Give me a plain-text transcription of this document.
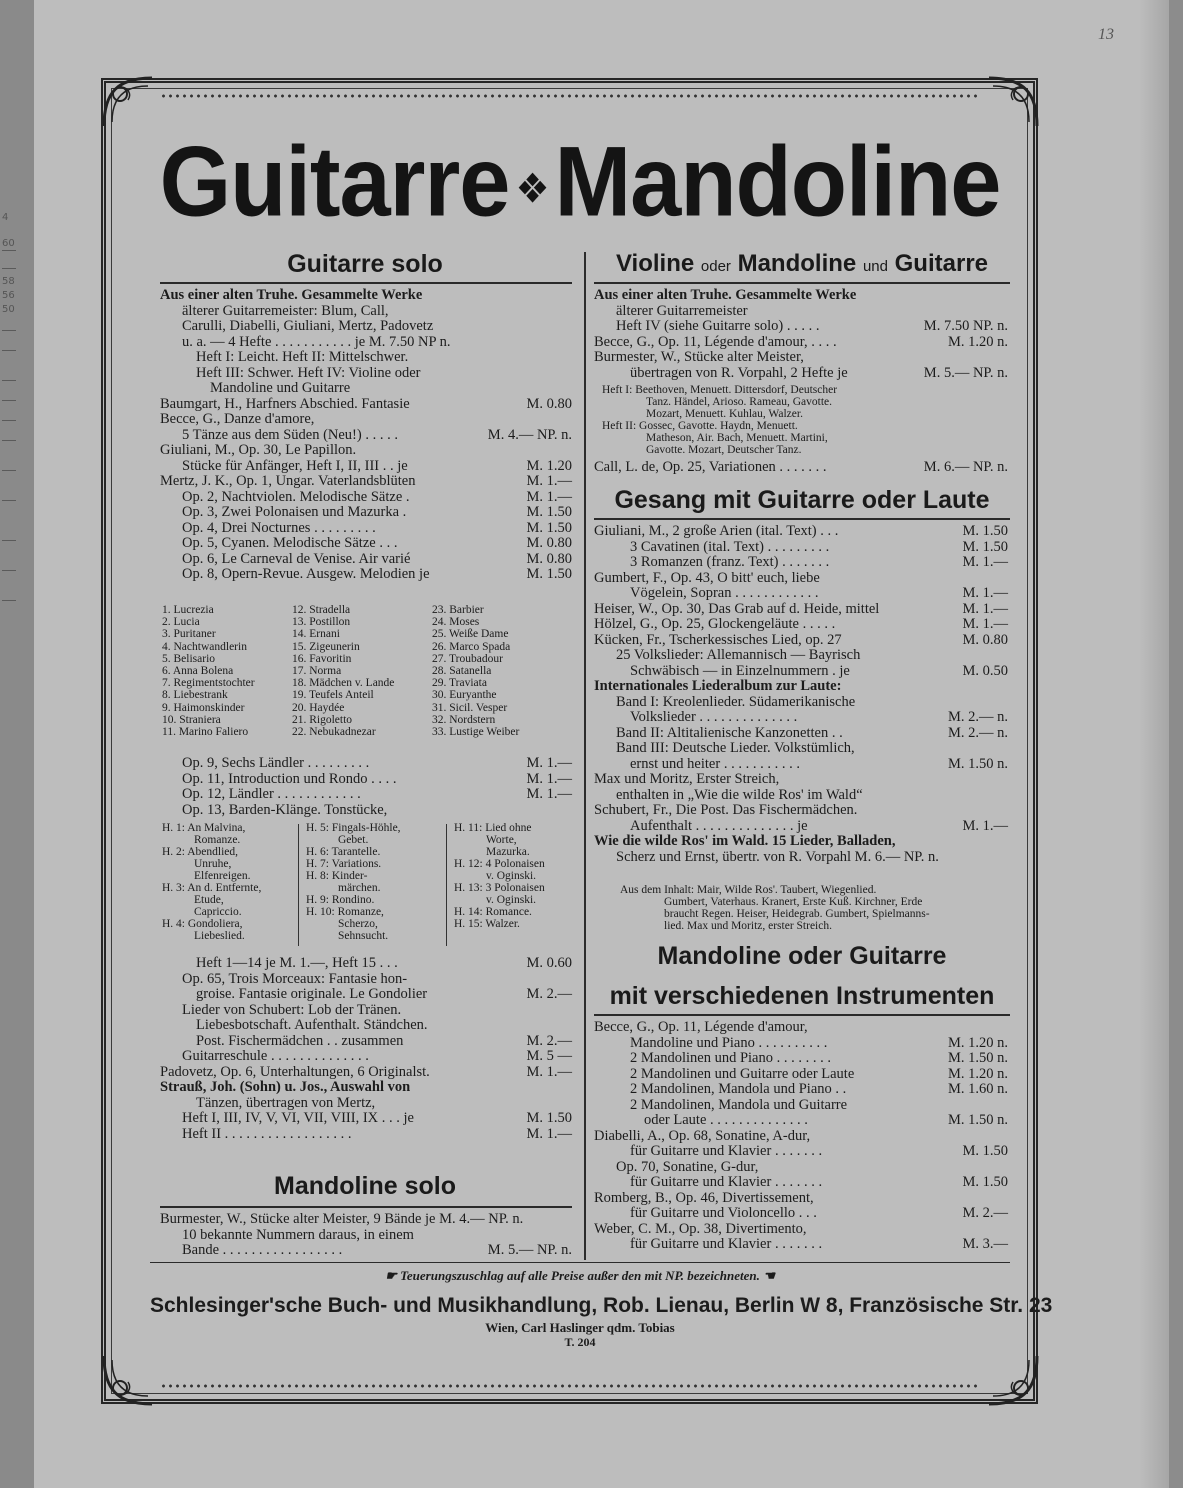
4
60
58
56
50
13
Guitarre ❖Mandoline
Guitarre solo
Aus einer alten Truhe. Gesammelte Werke
älterer Guitarremeister: Blum, Call,
Carulli, Diabelli, Giuliani, Mertz, Padovetz
u. a. — 4 Hefte . . . . . . . . . . . je M. 7.50 NP n.
Heft I: Leicht. Heft II: Mittelschwer.
Heft III: Schwer. Heft IV: Violine oder
Mandoline und Guitarre
Baumgart, H., Harfners Abschied. Fantasie	M. 0.80
Becce, G., Danze d'amore,
5 Tänze aus dem Süden (Neu!) . . . . .	M. 4.— NP. n.
Giuliani, M., Op. 30, Le Papillon.
Stücke für Anfänger, Heft I, II, III . . je	M. 1.20
Mertz, J. K., Op. 1, Ungar. Vaterlandsblüten	M. 1.—
Op. 2, Nachtviolen. Melodische Sätze .	M. 1.—
Op. 3, Zwei Polonaisen und Mazurka .	M. 1.50
Op. 4, Drei Nocturnes . . . . . . . . .	M. 1.50
Op. 5, Cyanen. Melodische Sätze . . .	M. 0.80
Op. 6, Le Carneval de Venise. Air varié	M. 0.80
Op. 8, Opern-Revue. Ausgew. Melodien je	M. 1.50
1. Lucrezia	12. Stradella	23. Barbier
2. Lucia	13. Postillon	24. Moses
3. Puritaner	14. Ernani	25. Weiße Dame
4. Nachtwandlerin	15. Zigeunerin	26. Marco Spada
5. Belisario	16. Favoritin	27. Troubadour
6. Anna Bolena	17. Norma	28. Satanella
7. Regimentstochter	18. Mädchen v. Lande	29. Traviata
8. Liebestrank	19. Teufels Anteil	30. Euryanthe
9. Haimonskinder	20. Haydée	31. Sicil. Vesper
10. Straniera	21. Rigoletto	32. Nordstern
11. Marino Faliero	22. Nebukadnezar	33. Lustige Weiber
Op. 9, Sechs Ländler . . . . . . . . .	M. 1.—
Op. 11, Introduction und Rondo . . . .	M. 1.—
Op. 12, Ländler . . . . . . . . . . . .	M. 1.—
Op. 13, Barden-Klänge. Tonstücke,
H. 1: An Malvina,
Romanze.
H. 2: Abendlied,
Unruhe,
Elfenreigen.
H. 3: An d. Entfernte,
Etude,
Capriccio.
H. 4: Gondoliera,
Liebeslied.
H. 5: Fingals-Höhle,
Gebet.
H. 6: Tarantelle.
H. 7: Variations.
H. 8: Kinder-
märchen.
H. 9: Rondino.
H. 10: Romanze,
Scherzo,
Sehnsucht.
H. 11: Lied ohne
Worte,
Mazurka.
H. 12: 4 Polonaisen
v. Oginski.
H. 13: 3 Polonaisen
v. Oginski.
H. 14: Romance.
H. 15: Walzer.
Heft 1—14 je M. 1.—, Heft 15 . . .	M. 0.60
Op. 65, Trois Morceaux: Fantasie hon-
groise. Fantasie originale. Le Gondolier	M. 2.—
Lieder von Schubert: Lob der Tränen.
Liebesbotschaft. Aufenthalt. Ständchen.
Post. Fischermädchen . . zusammen	M. 2.—
Guitarreschule . . . . . . . . . . . . . .	M. 5 —
Padovetz, Op. 6, Unterhaltungen, 6 Originalst.	M. 1.—
Strauß, Joh. (Sohn) u. Jos., Auswahl von
Tänzen, übertragen von Mertz,
Heft I, III, IV, V, VI, VII, VIII, IX . . . je	M. 1.50
Heft II . . . . . . . . . . . . . . . . . .	M. 1.—
Mandoline solo
Burmester, W., Stücke alter Meister, 9 Bände je M. 4.— NP. n.
10 bekannte Nummern daraus, in einem
Bande . . . . . . . . . . . . . . . . .	M. 5.— NP. n.
Violine oder Mandoline und Guitarre
Aus einer alten Truhe. Gesammelte Werke
älterer Guitarremeister
Heft IV (siehe Guitarre solo) . . . . .	M. 7.50 NP. n.
Becce, G., Op. 11, Légende d'amour, . . . .	M. 1.20 n.
Burmester, W., Stücke alter Meister,
übertragen von R. Vorpahl, 2 Hefte je	M. 5.— NP. n.
Heft I: Beethoven, Menuett. Dittersdorf, Deutscher
Tanz. Händel, Arioso. Rameau, Gavotte.
Mozart, Menuett. Kuhlau, Walzer.
Heft II: Gossec, Gavotte. Haydn, Menuett.
Matheson, Air. Bach, Menuett. Martini,
Gavotte. Mozart, Deutscher Tanz.
Call, L. de, Op. 25, Variationen . . . . . . .	M. 6.— NP. n.
Gesang mit Guitarre oder Laute
Giuliani, M., 2 große Arien (ital. Text) . . .	M. 1.50
3 Cavatinen (ital. Text) . . . . . . . . .	M. 1.50
3 Romanzen (franz. Text) . . . . . . .	M. 1.—
Gumbert, F., Op. 43, O bitt' euch, liebe
Vögelein, Sopran . . . . . . . . . . . .	M. 1.—
Heiser, W., Op. 30, Das Grab auf d. Heide, mittel	M. 1.—
Hölzel, G., Op. 25, Glockengeläute . . . . .	M. 1.—
Kücken, Fr., Tscherkessisches Lied, op. 27	M. 0.80
25 Volkslieder: Allemannisch — Bayrisch
Schwäbisch — in Einzelnummern . je	M. 0.50
Internationales Liederalbum zur Laute:
Band I: Kreolenlieder. Südamerikanische
Volkslieder . . . . . . . . . . . . . .	M. 2.— n.
Band II: Altitalienische Kanzonetten . .	M. 2.— n.
Band III: Deutsche Lieder. Volkstümlich,
ernst und heiter . . . . . . . . . . .	M. 1.50 n.
Max und Moritz, Erster Streich,
enthalten in „Wie die wilde Ros' im Wald“
Schubert, Fr., Die Post. Das Fischermädchen.
Aufenthalt . . . . . . . . . . . . . . je	M. 1.—
Wie die wilde Ros' im Wald. 15 Lieder, Balladen,
Scherz und Ernst, übertr. von R. Vorpahl M. 6.— NP. n.
Aus dem Inhalt: Mair, Wilde Ros'. Taubert, Wiegenlied.
Gumbert, Vaterhaus. Kranert, Erste Kuß. Kirchner, Erde
braucht Regen. Heiser, Heidegrab. Gumbert, Spielmanns-
lied. Max und Moritz, erster Streich.
Mandoline oder Guitarre
mit verschiedenen Instrumenten
Becce, G., Op. 11, Légende d'amour,
Mandoline und Piano . . . . . . . . . .	M. 1.20 n.
2 Mandolinen und Piano . . . . . . . .	M. 1.50 n.
2 Mandolinen und Guitarre oder Laute	M. 1.20 n.
2 Mandolinen, Mandola und Piano . .	M. 1.60 n.
2 Mandolinen, Mandola und Guitarre
oder Laute . . . . . . . . . . . . . .	M. 1.50 n.
Diabelli, A., Op. 68, Sonatine, A-dur,
für Guitarre und Klavier . . . . . . .	M. 1.50
Op. 70, Sonatine, G-dur,
für Guitarre und Klavier . . . . . . .	M. 1.50
Romberg, B., Op. 46, Divertissement,
für Guitarre und Violoncello . . .	M. 2.—
Weber, C. M., Op. 38, Divertimento,
für Guitarre und Klavier . . . . . . .	M. 3.—
☛ Teuerungszuschlag auf alle Preise außer den mit NP. bezeichneten. ☚
Schlesinger'sche Buch- und Musikhandlung, Rob. Lienau, Berlin W 8, Französische Str. 23
Wien, Carl Haslinger qdm. Tobias
T. 204
